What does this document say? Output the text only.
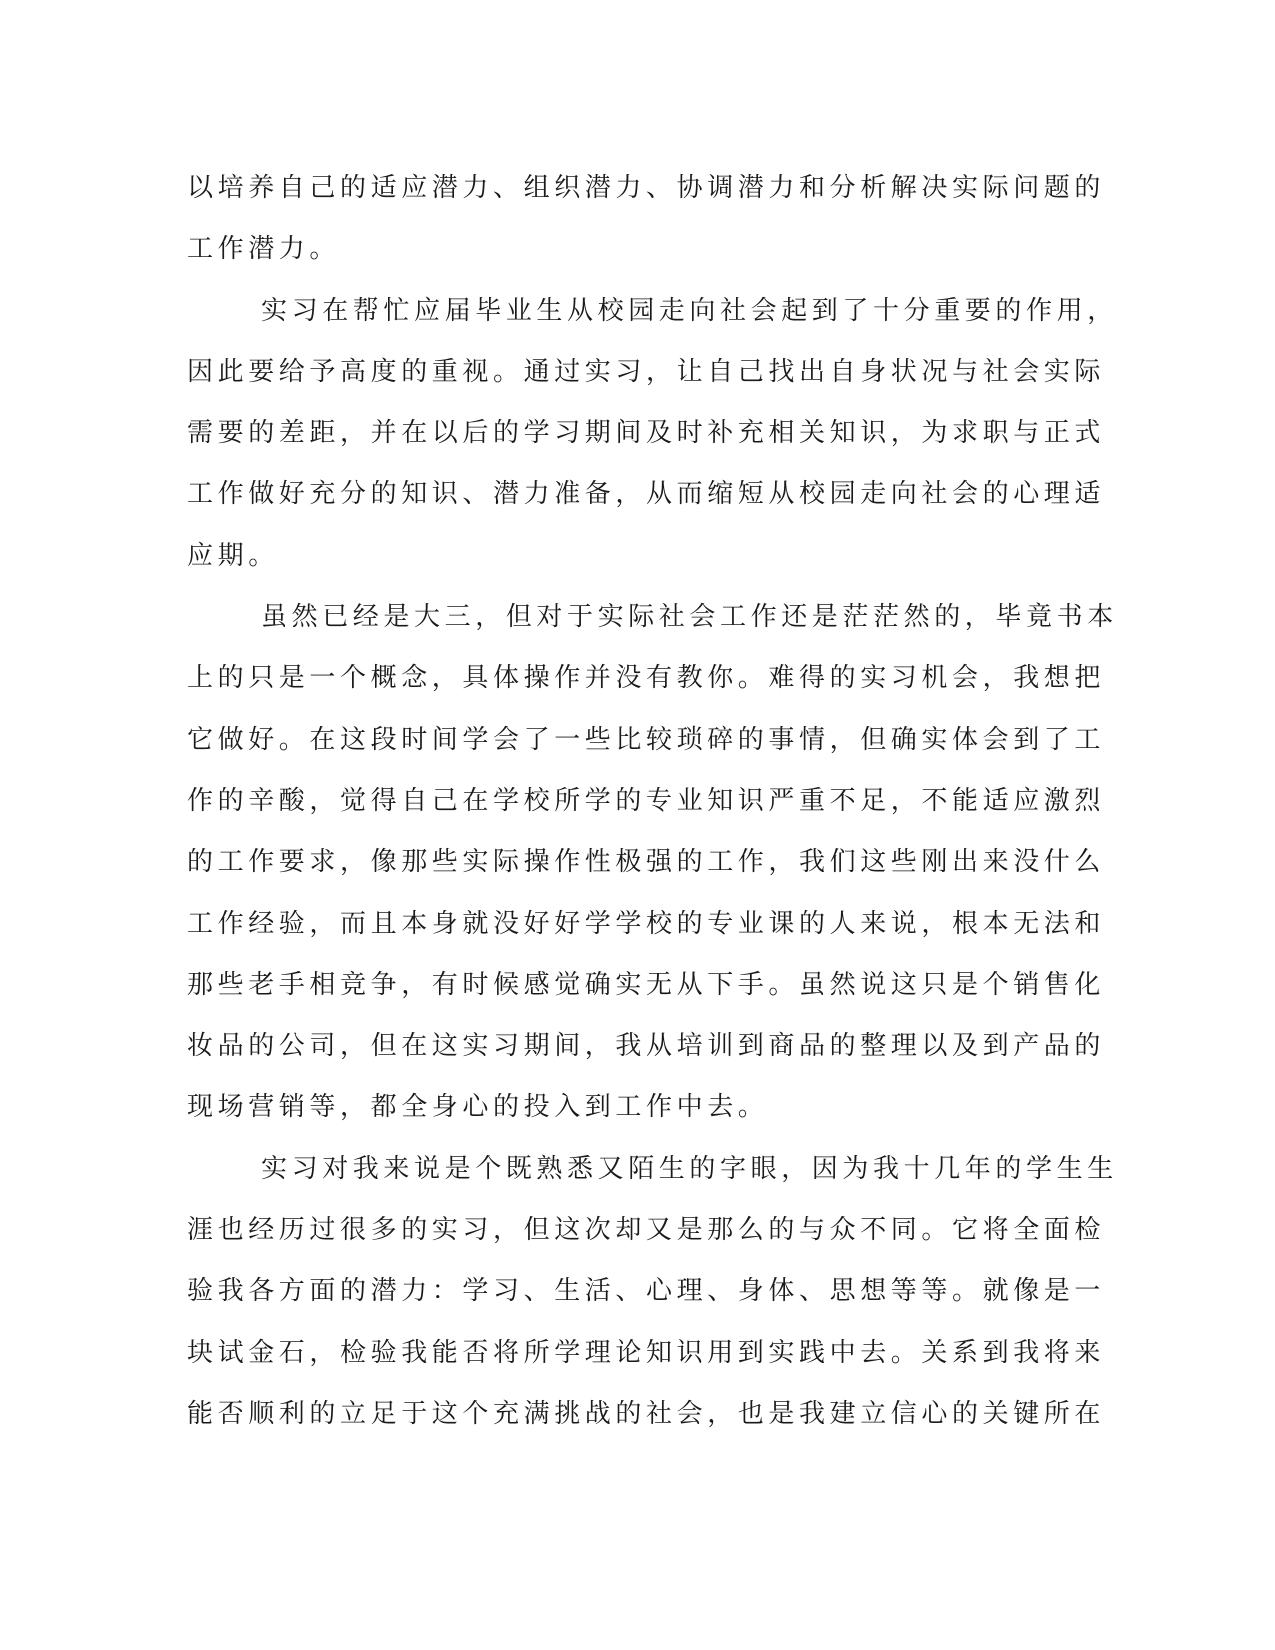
以培养自己的适应潜力、组织潜力、协调潜力和分析解决实际问题的
工作潜力。
实习在帮忙应届毕业生从校园走向社会起到了十分重要的作用，
因此要给予高度的重视。通过实习，让自己找出自身状况与社会实际
需要的差距，并在以后的学习期间及时补充相关知识，为求职与正式
工作做好充分的知识、潜力准备，从而缩短从校园走向社会的心理适
应期。
虽然已经是大三，但对于实际社会工作还是茫茫然的，毕竟书本
上的只是一个概念，具体操作并没有教你。难得的实习机会，我想把
它做好。在这段时间学会了一些比较琐碎的事情，但确实体会到了工
作的辛酸，觉得自己在学校所学的专业知识严重不足，不能适应激烈
的工作要求，像那些实际操作性极强的工作，我们这些刚出来没什么
工作经验，而且本身就没好好学学校的专业课的人来说，根本无法和
那些老手相竞争，有时候感觉确实无从下手。虽然说这只是个销售化
妆品的公司，但在这实习期间，我从培训到商品的整理以及到产品的
现场营销等，都全身心的投入到工作中去。
实习对我来说是个既熟悉又陌生的字眼，因为我十几年的学生生
涯也经历过很多的实习，但这次却又是那么的与众不同。它将全面检
验我各方面的潜力：学习、生活、心理、身体、思想等等。就像是一
块试金石，检验我能否将所学理论知识用到实践中去。关系到我将来
能否顺利的立足于这个充满挑战的社会，也是我建立信心的关键所在
